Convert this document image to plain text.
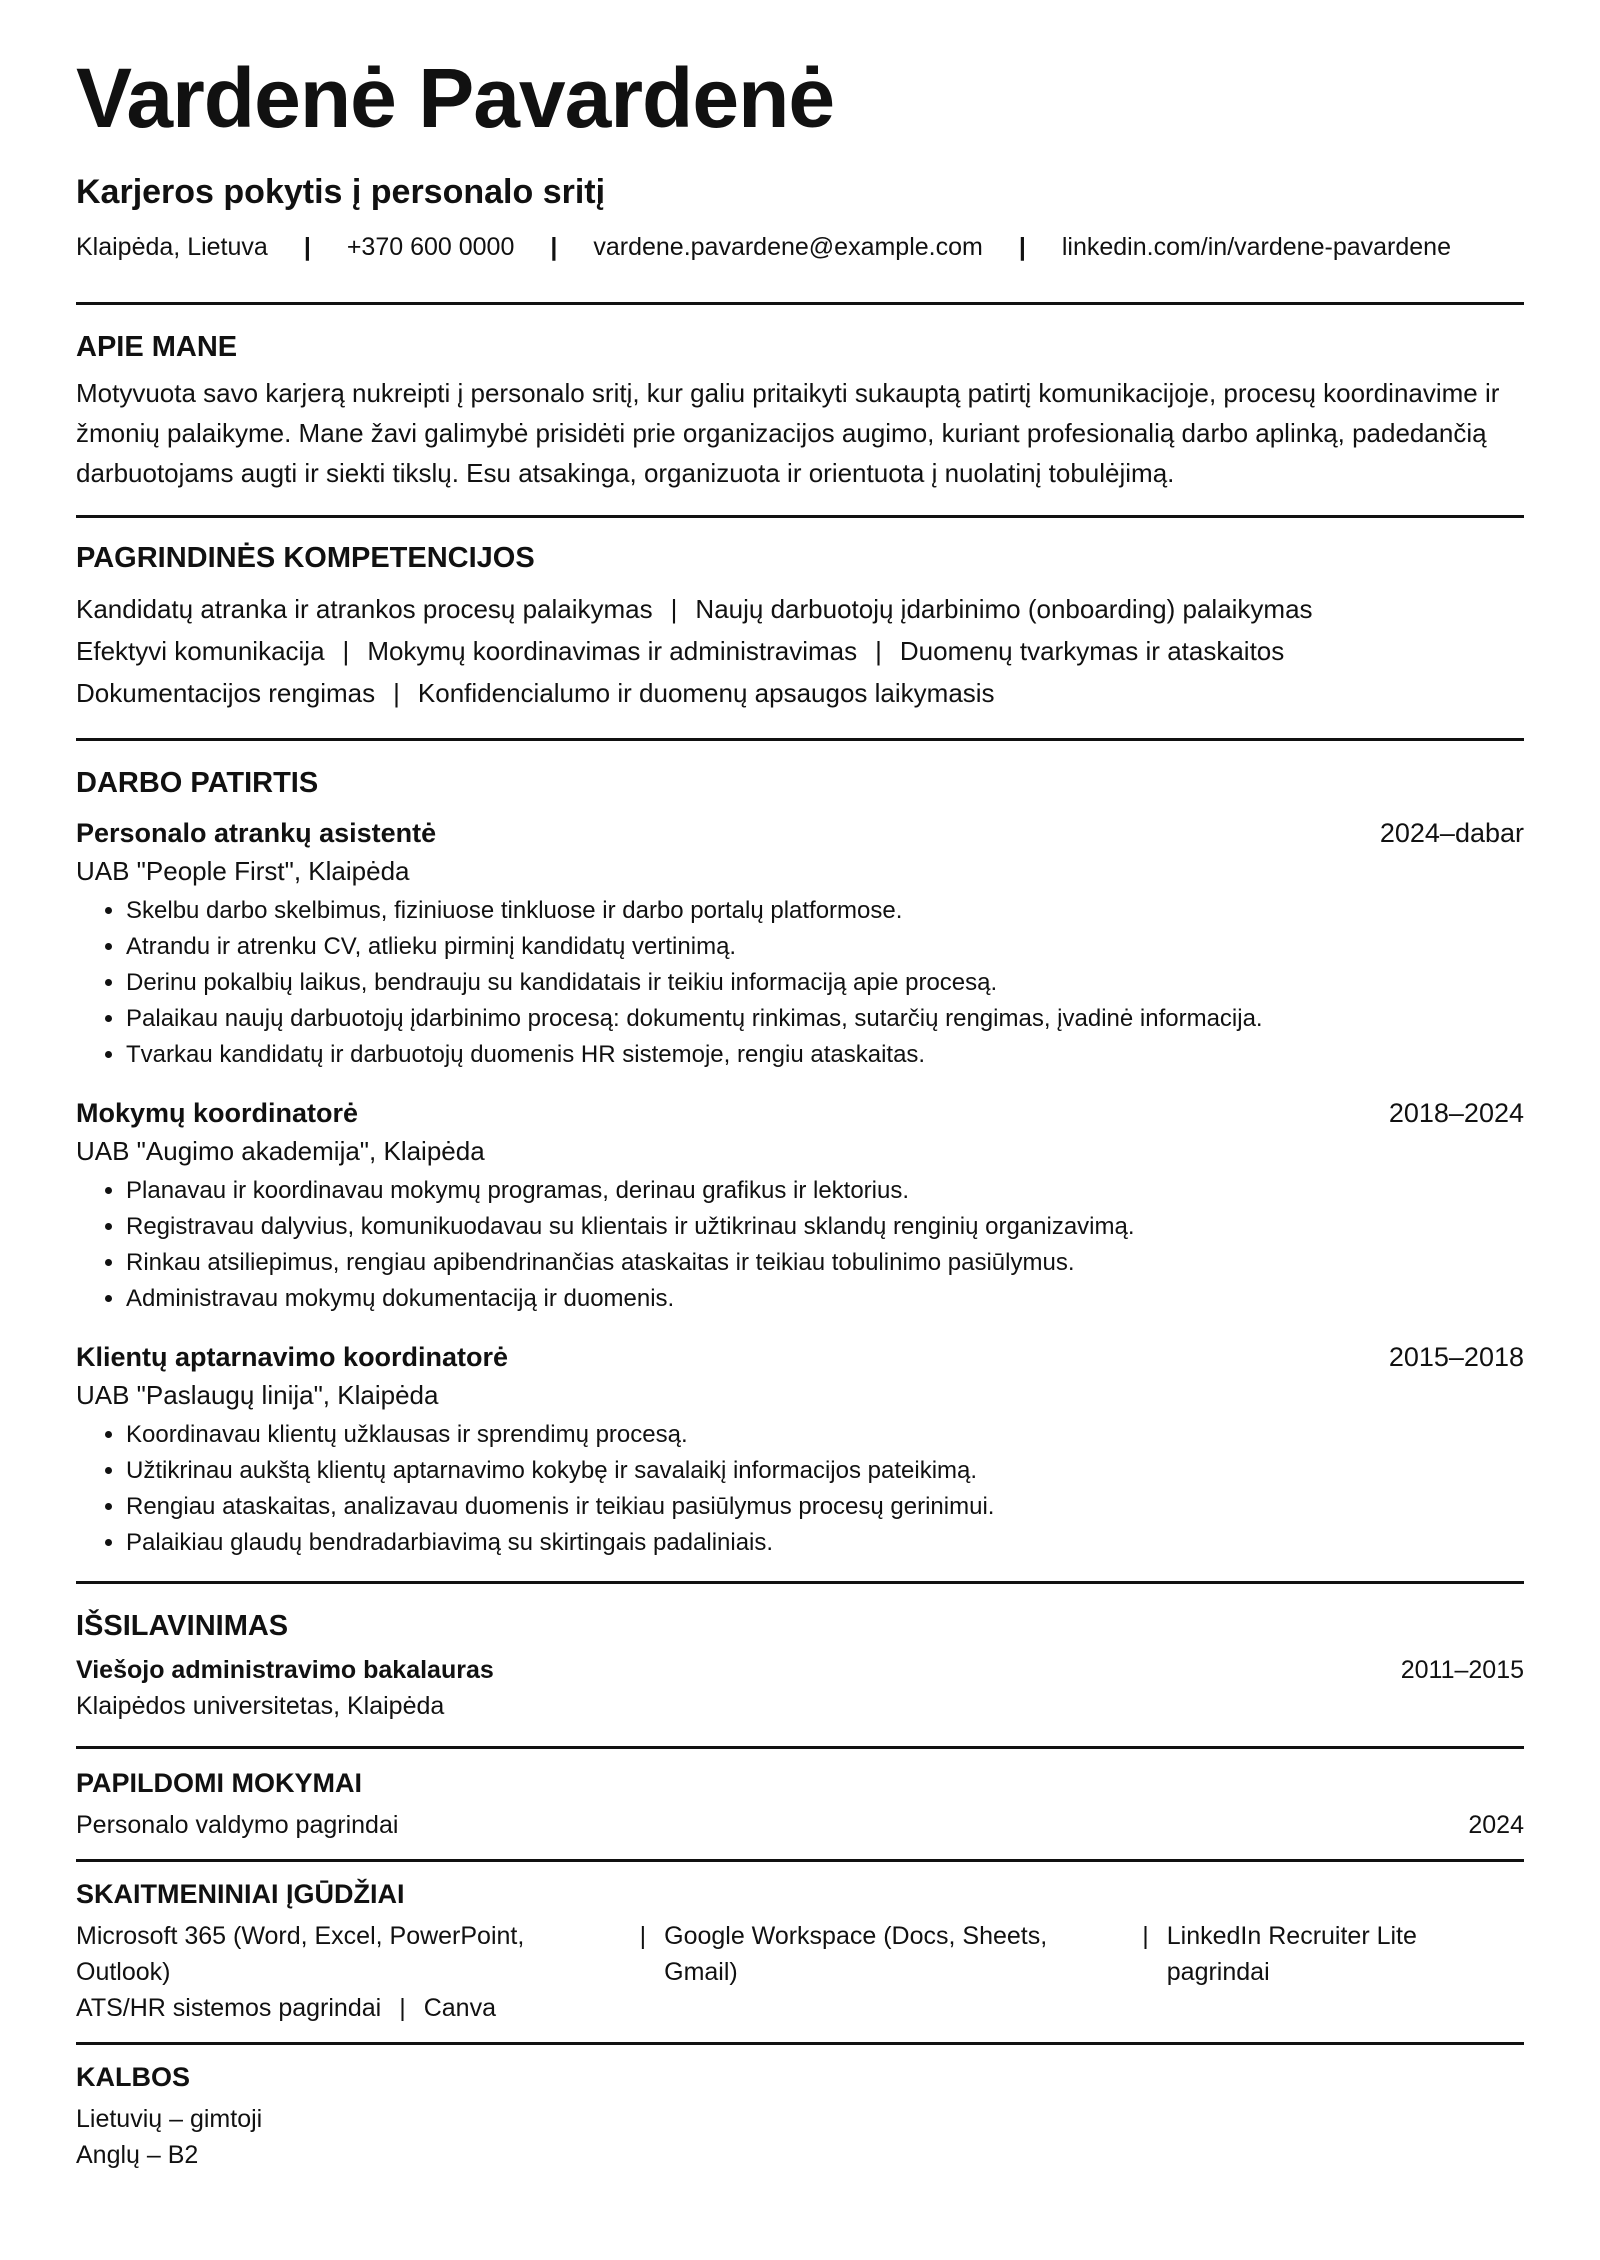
Vardenė Pavardenė
Karjeros pokytis į personalo sritį
Klaipėda, Lietuva | +370 600 0000 | vardene.pavardene@example.com | linkedin.com/in/vardene-pavardene
APIE MANE

Motyvuota savo karjerą nukreipti į personalo sritį, kur galiu pritaikyti sukauptą patirtį komunikacijoje, procesų koordinavime ir žmonių palaikyme. Mane žavi galimybė prisidėti prie organizacijos augimo, kuriant profesionalią darbo aplinką, padedančią darbuotojams augti ir siekti tikslų. Esu atsakinga, organizuota ir orientuota į nuolatinį tobulėjimą.

PAGRINDINĖS KOMPETENCIJOS
Kandidatų atranka ir atrankos procesų palaikymas | Naujų darbuotojų įdarbinimo (onboarding) palaikymas
Efektyvi komunikacija | Mokymų koordinavimas ir administravimas | Duomenų tvarkymas ir ataskaitos
Dokumentacijos rengimas | Konfidencialumo ir duomenų apsaugos laikymasis
DARBO PATIRTIS
Personalo atrankų asistentė	2024–dabar
UAB "People First", Klaipėda
• Skelbu darbo skelbimus, fiziniuose tinkluose ir darbo portalų platformose.
• Atrandu ir atrenku CV, atlieku pirminį kandidatų vertinimą.
• Derinu pokalbių laikus, bendrauju su kandidatais ir teikiu informaciją apie procesą.
• Palaikau naujų darbuotojų įdarbinimo procesą: dokumentų rinkimas, sutarčių rengimas, įvadinė informacija.
• Tvarkau kandidatų ir darbuotojų duomenis HR sistemoje, rengiu ataskaitas.
Mokymų koordinatorė	2018–2024
UAB "Augimo akademija", Klaipėda
• Planavau ir koordinavau mokymų programas, derinau grafikus ir lektorius.
• Registravau dalyvius, komunikuodavau su klientais ir užtikrinau sklandų renginių organizavimą.
• Rinkau atsiliepimus, rengiau apibendrinančias ataskaitas ir teikiau tobulinimo pasiūlymus.
• Administravau mokymų dokumentaciją ir duomenis.
Klientų aptarnavimo koordinatorė	2015–2018
UAB "Paslaugų linija", Klaipėda
• Koordinavau klientų užklausas ir sprendimų procesą.
• Užtikrinau aukštą klientų aptarnavimo kokybę ir savalaikį informacijos pateikimą.
• Rengiau ataskaitas, analizavau duomenis ir teikiau pasiūlymus procesų gerinimui.
• Palaikiau glaudų bendradarbiavimą su skirtingais padaliniais.
IŠSILAVINIMAS
Viešojo administravimo bakalauras	2011–2015
Klaipėdos universitetas, Klaipėda
PAPILDOMI MOKYMAI
Personalo valdymo pagrindai	2024
SKAITMENINIAI ĮGŪDŽIAI
Microsoft 365 (Word, Excel, PowerPoint, Outlook)
| Google Workspace (Docs, Sheets, Gmail)
| LinkedIn Recruiter Lite pagrindai
ATS/HR sistemos pagrindai | Canva
KALBOS
Lietuvių – gimtoji
Anglų – B2
